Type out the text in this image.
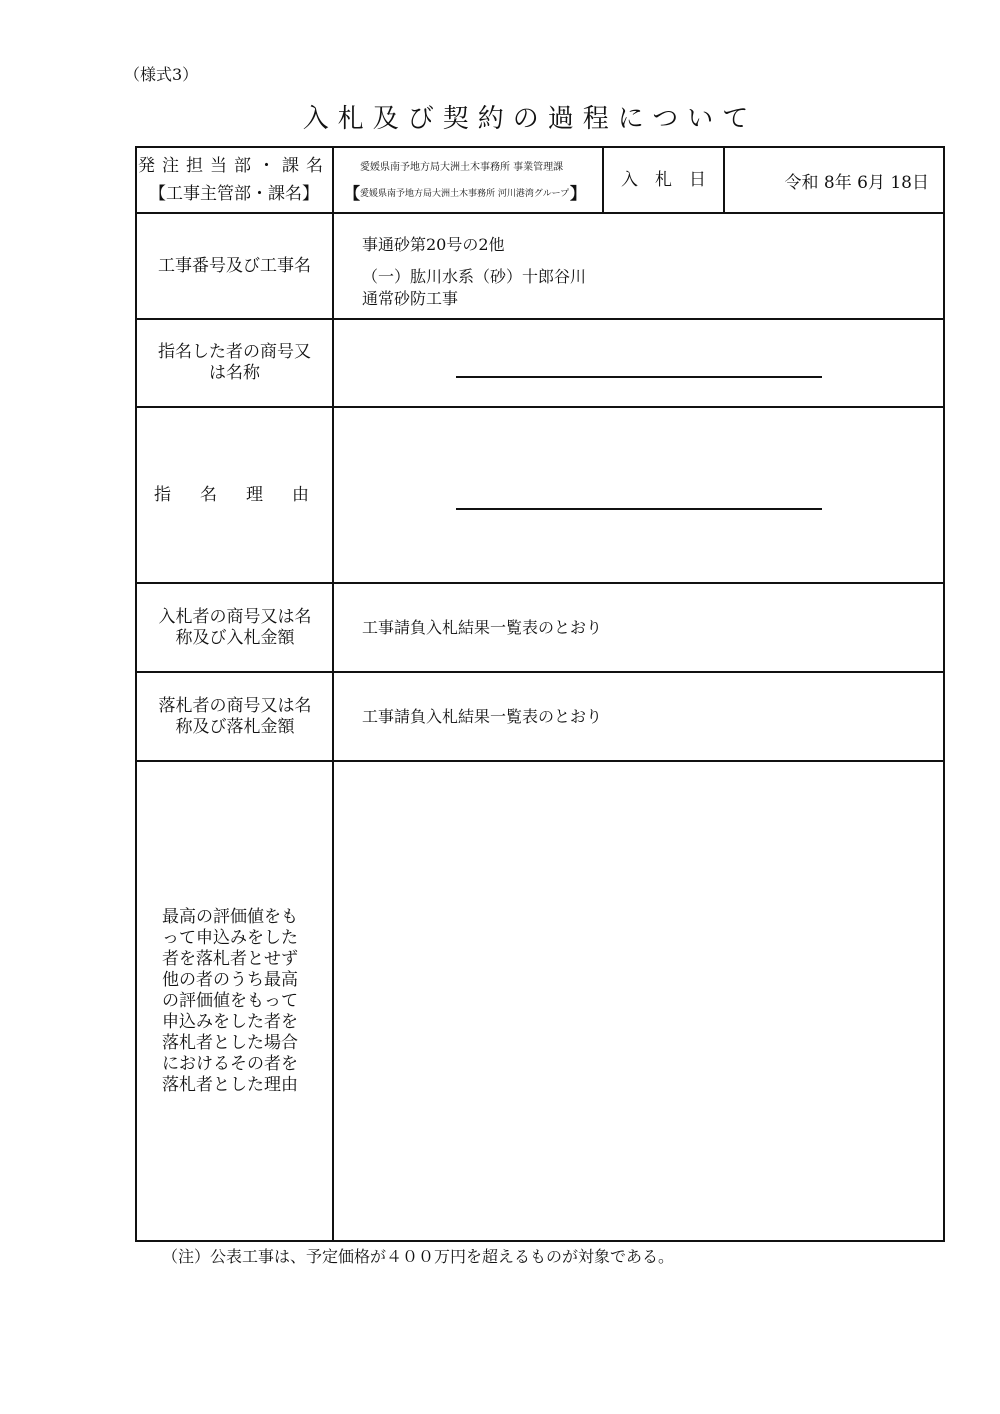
（様式3）
入札及び契約の過程について
発注担当部・課名
【工事主管部・課名】
愛媛県南予地方局大洲土木事務所 事業管理課
【 愛媛県南予地方局大洲土木事務所 河川港湾グループ 】
入　札　日	令和 8年 6月 18日
工事番号及び工事名
事通砂第20号の2他
（一）肱川水系（砂）十郎谷川
通常砂防工事
指名した者の商号又は名称
指　名　理　由
入札者の商号又は名称及び入札金額
工事請負入札結果一覧表のとおり
落札者の商号又は名称及び落札金額
工事請負入札結果一覧表のとおり
最高の評価値をもって申込みをした者を落札者とせず他の者のうち最高の評価値をもって申込みをした者を落札者とした場合におけるその者を落札者とした理由
（注）公表工事は、予定価格が４００万円を超えるものが対象である。
